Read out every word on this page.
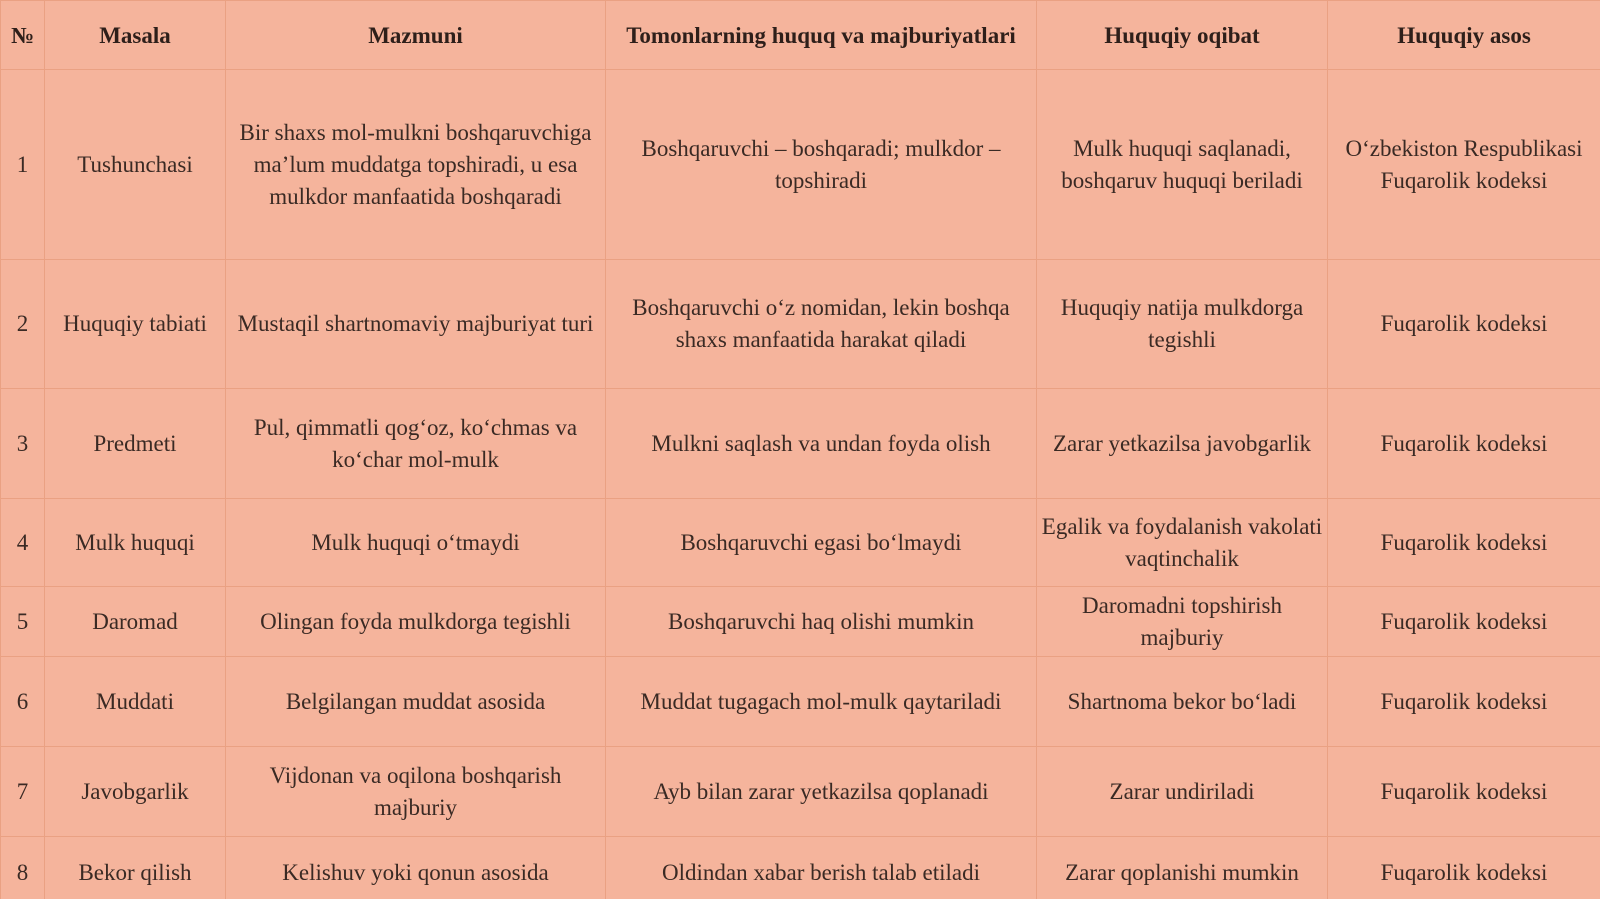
№	Masala	Mazmuni	Tomonlarning huquq va majburiyatlari	Huquqiy oqibat	Huquqiy asos
1	Tushunchasi	Bir shaxs mol-mulkni boshqaruvchiga ma’lum muddatga topshiradi, u esa mulkdor manfaatida boshqaradi	Boshqaruvchi – boshqaradi; mulkdor – topshiradi	Mulk huquqi saqlanadi, boshqaruv huquqi beriladi	O‘zbekiston Respublikasi Fuqarolik kodeksi
2	Huquqiy tabiati	Mustaqil shartnomaviy majburiyat turi	Boshqaruvchi o‘z nomidan, lekin boshqa shaxs manfaatida harakat qiladi	Huquqiy natija mulkdorga tegishli	Fuqarolik kodeksi
3	Predmeti	Pul, qimmatli qog‘oz, ko‘chmas va ko‘char mol-mulk	Mulkni saqlash va undan foyda olish	Zarar yetkazilsa javobgarlik	Fuqarolik kodeksi
4	Mulk huquqi	Mulk huquqi o‘tmaydi	Boshqaruvchi egasi bo‘lmaydi	Egalik va foydalanish vakolati vaqtinchalik	Fuqarolik kodeksi
5	Daromad	Olingan foyda mulkdorga tegishli	Boshqaruvchi haq olishi mumkin	Daromadni topshirish majburiy	Fuqarolik kodeksi
6	Muddati	Belgilangan muddat asosida	Muddat tugagach mol-mulk qaytariladi	Shartnoma bekor bo‘ladi	Fuqarolik kodeksi
7	Javobgarlik	Vijdonan va oqilona boshqarish majburiy	Ayb bilan zarar yetkazilsa qoplanadi	Zarar undiriladi	Fuqarolik kodeksi
8	Bekor qilish	Kelishuv yoki qonun asosida	Oldindan xabar berish talab etiladi	Zarar qoplanishi mumkin	Fuqarolik kodeksi
